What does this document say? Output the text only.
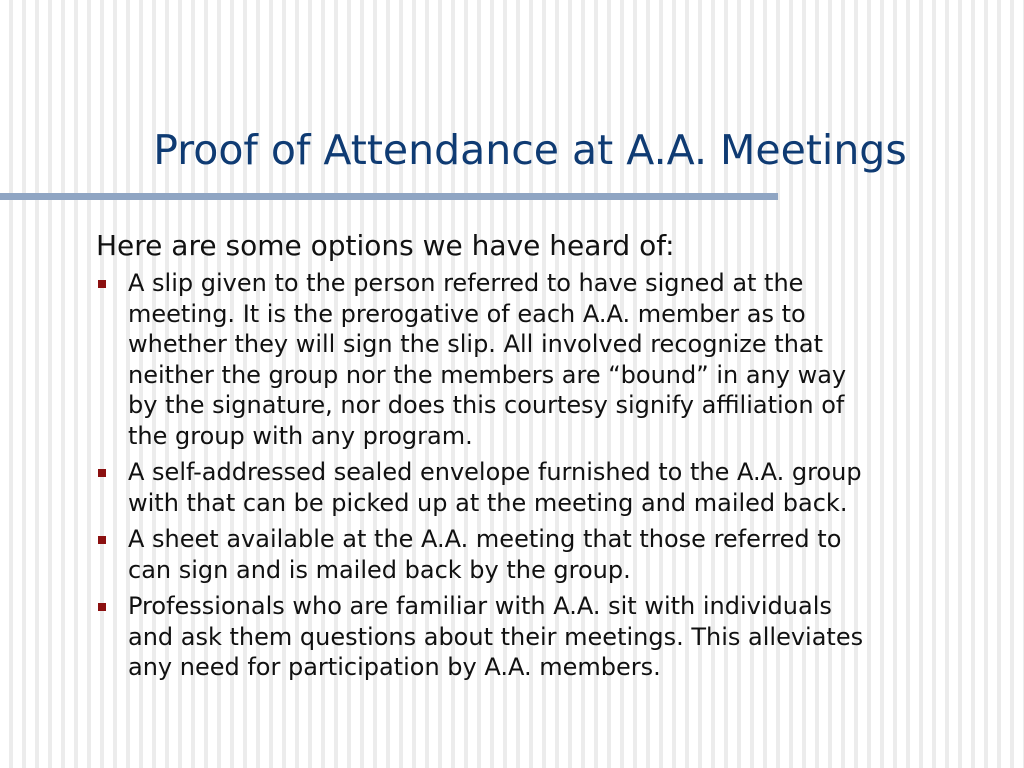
Proof of Attendance at A.A. Meetings

Here are some options we have heard of:

A slip given to the person referred to have signed at the
meeting. It is the prerogative of each A.A. member as to
whether they will sign the slip. All involved recognize that
neither the group nor the members are “bound” in any way
by the signature, nor does this courtesy signify affiliation of
the group with any program.
A self-addressed sealed envelope furnished to the A.A. group
with that can be picked up at the meeting and mailed back.
A sheet available at the A.A. meeting that those referred to
can sign and is mailed back by the group.
Professionals who are familiar with A.A. sit with individuals
and ask them questions about their meetings. This alleviates
any need for participation by A.A. members.
